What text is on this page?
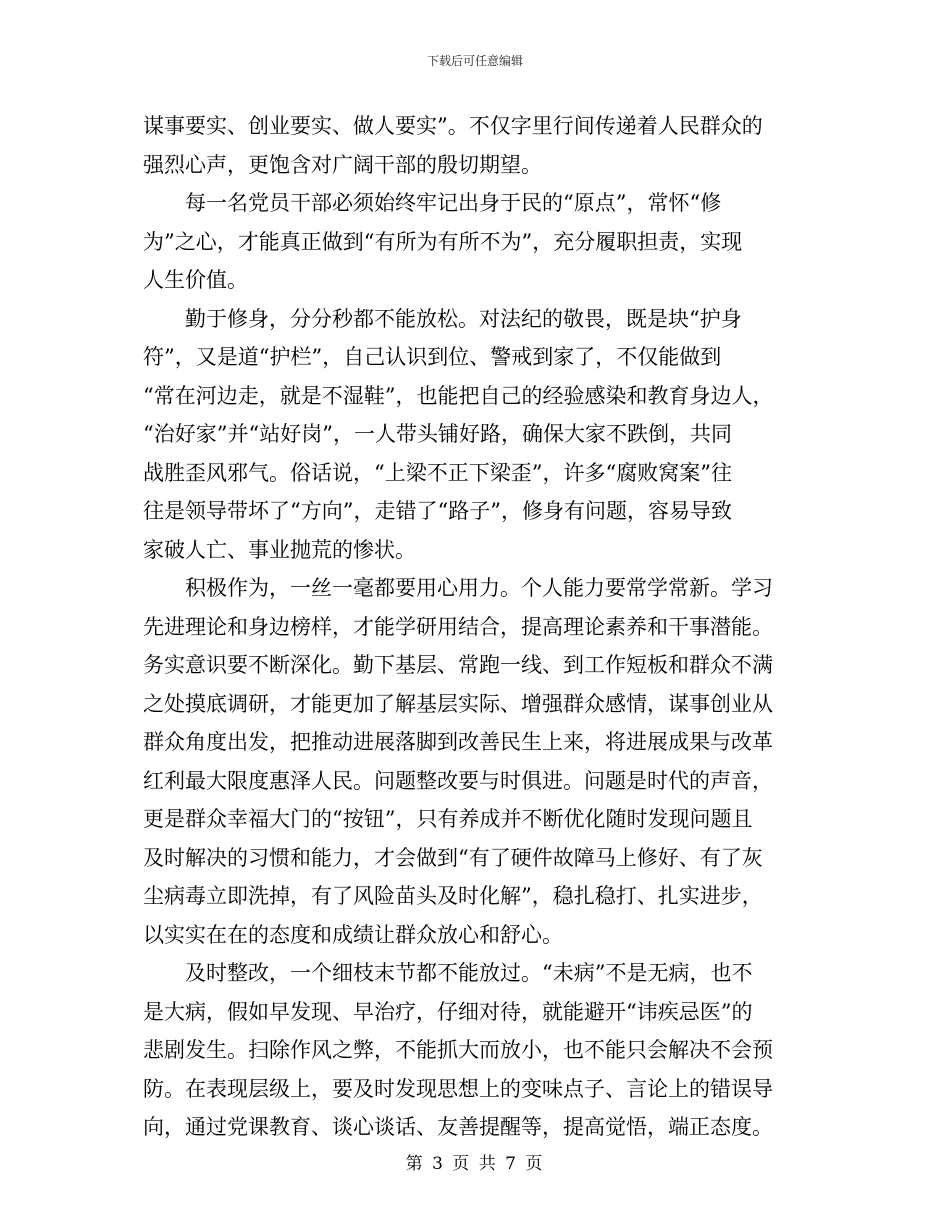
下载后可任意编辑
谋事要实、创业要实、做人要实”。不仅字里行间传递着人民群众的
强烈心声，更饱含对广阔干部的殷切期望。
每一名党员干部必须始终牢记出身于民的“原点”，常怀“修
为”之心，才能真正做到“有所为有所不为”，充分履职担责，实现
人生价值。
勤于修身，分分秒都不能放松。对法纪的敬畏，既是块“护身
符”，又是道“护栏”，自己认识到位、警戒到家了，不仅能做到
“常在河边走，就是不湿鞋”，也能把自己的经验感染和教育身边人，
“治好家”并“站好岗”，一人带头铺好路，确保大家不跌倒，共同
战胜歪风邪气。俗话说，“上梁不正下梁歪”，许多“腐败窝案”往
往是领导带坏了“方向”，走错了“路子”，修身有问题，容易导致
家破人亡、事业抛荒的惨状。
积极作为，一丝一毫都要用心用力。个人能力要常学常新。学习
先进理论和身边榜样，才能学研用结合，提高理论素养和干事潜能。
务实意识要不断深化。勤下基层、常跑一线、到工作短板和群众不满
之处摸底调研，才能更加了解基层实际、增强群众感情，谋事创业从
群众角度出发，把推动进展落脚到改善民生上来，将进展成果与改革
红利最大限度惠泽人民。问题整改要与时俱进。问题是时代的声音，
更是群众幸福大门的“按钮”，只有养成并不断优化随时发现问题且
及时解决的习惯和能力，才会做到“有了硬件故障马上修好、有了灰
尘病毒立即洗掉，有了风险苗头及时化解”，稳扎稳打、扎实进步，
以实实在在的态度和成绩让群众放心和舒心。
及时整改，一个细枝末节都不能放过。“未病”不是无病，也不
是大病，假如早发现、早治疗，仔细对待，就能避开“讳疾忌医”的
悲剧发生。扫除作风之弊，不能抓大而放小，也不能只会解决不会预
防。在表现层级上，要及时发现思想上的变味点子、言论上的错误导
向，通过党课教育、谈心谈话、友善提醒等，提高觉悟，端正态度。
第 3 页 共 7 页
